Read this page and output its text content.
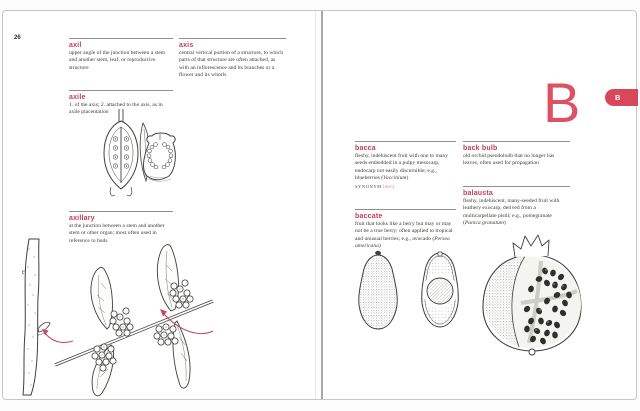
26
axil
upper angle of the junction between a stem and another stem, leaf, or reproductive structure
axile
1. of the axis; 2. attached to the axis, as in axile placentation
axillary
at the junction between a stem and another stem or other organ; most often used in reference to buds
axis
central vertical portion of a structure, to which parts of that structure are often attached, as with an inflorescence and its branches or a flower and its whorls	B	B
bacca
fleshy, indehiscent fruit with one to many seeds embedded in a pulpy mesocarp, endocarp not easily discernible; e.g., blueberries (Vaccinium)
SYNONYM berry
baccate
fruit that looks like a berry but may or may not be a true berry; often applied to tropical and unusual berries; e.g., avocado (Persea americana)
back bulb
old orchid pseudobulb that no longer has leaves, often used for propagation
balausta
fleshy, indehiscent, many-seeded fruit with leathery exocarp, derived from a multicarpellate pistil; e.g., pomegranate (Punica granatum)
